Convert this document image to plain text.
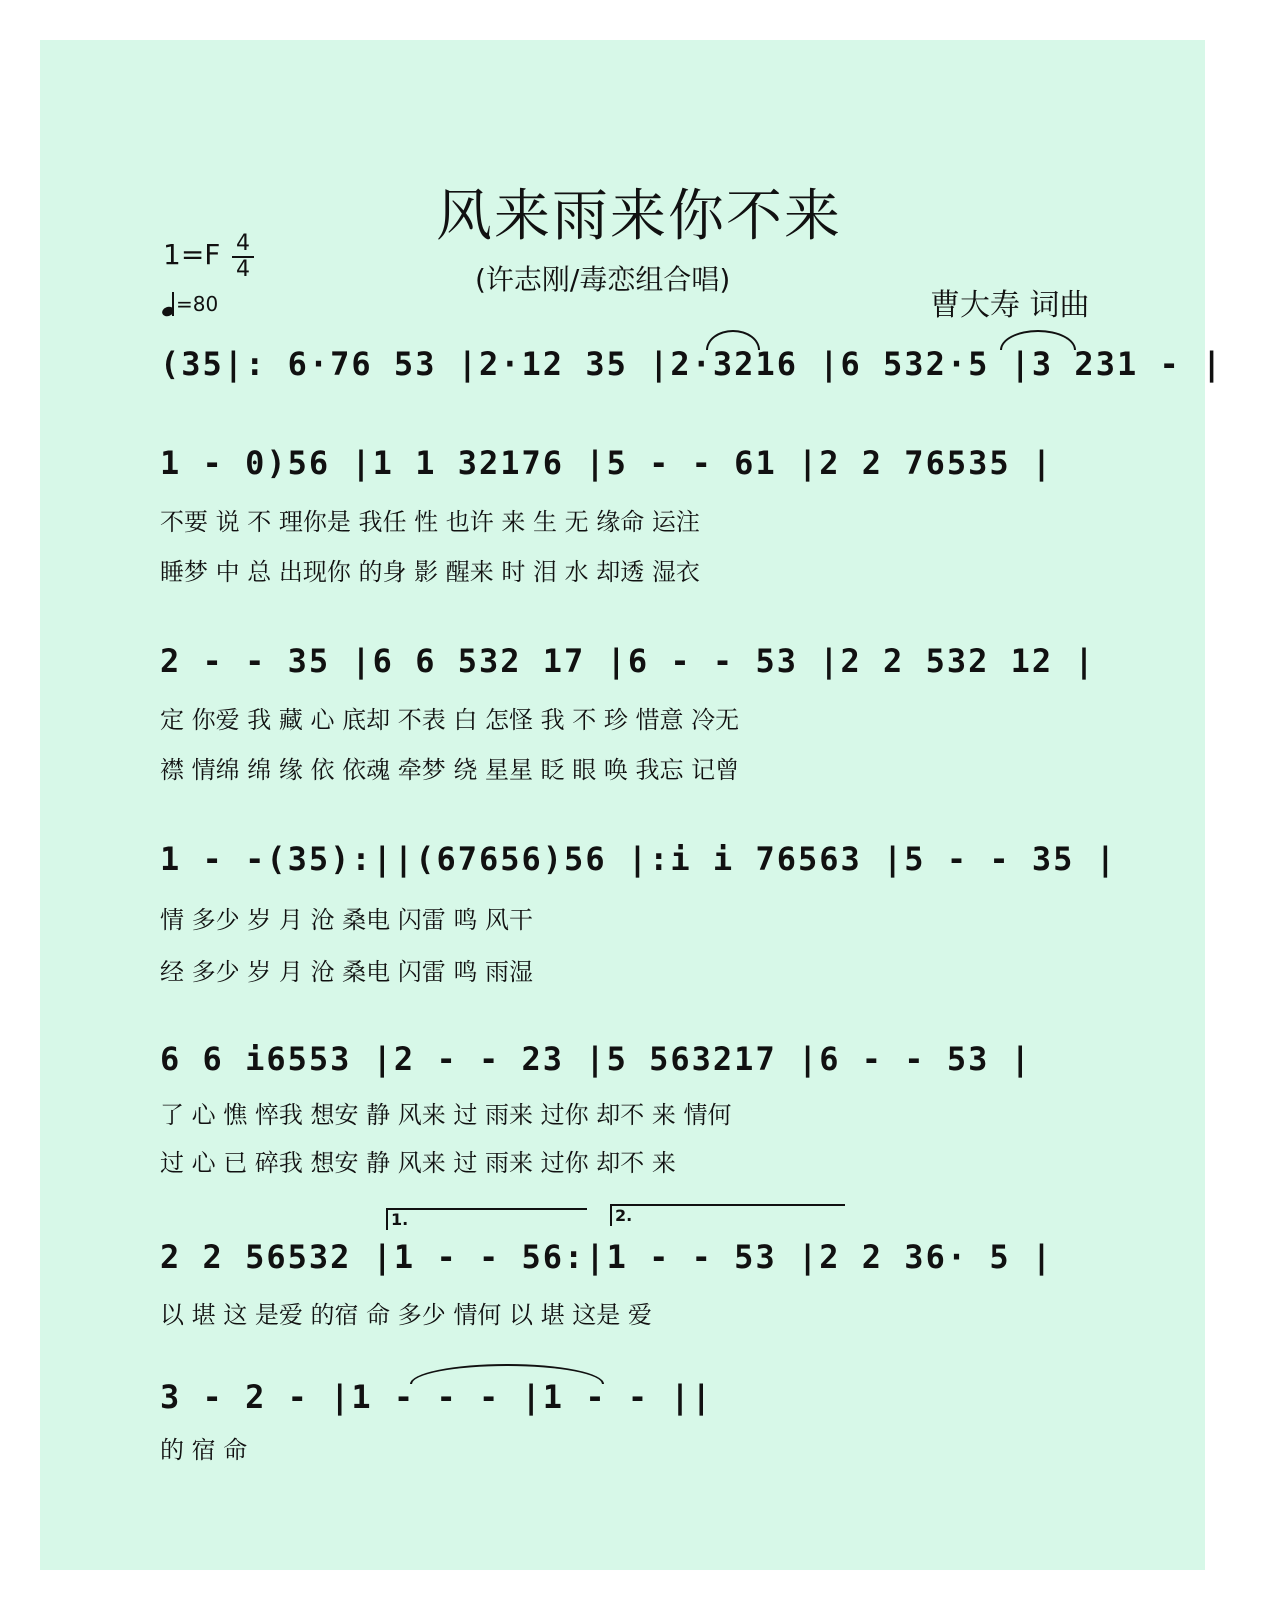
风来雨来你不来
(许志刚/毒恋组合唱)
曹大寿 词曲
1=F 4
4
=80
(35|: 6·76 53 |2·12 35 |2·3216 |6 532·5 |3 231 - |
1 - 0)56 |1 1 32176 |5 - - 61 |2 2 76535 |
不要 说 不 理你是 我任 性 也许 来 生 无 缘命 运注
睡梦 中 总 出现你 的身 影 醒来 时 泪 水 却透 湿衣
2 - - 35 |6 6 532 17 |6 - - 53 |2 2 532 12 |
定 你爱 我 藏 心 底却 不表 白 怎怪 我 不 珍 惜意 冷无
襟 情绵 绵 缘 依 依魂 牵梦 绕 星星 眨 眼 唤 我忘 记曾
1 - -(35):||(67656)56 |:i i 76563 |5 - - 35 |
情 多少 岁 月 沧 桑电 闪雷 鸣 风干
经 多少 岁 月 沧 桑电 闪雷 鸣 雨湿
6 6 i6553 |2 - - 23 |5 563217 |6 - - 53 |
了 心 憔 悴我 想安 静 风来 过 雨来 过你 却不 来 情何
过 心 已 碎我 想安 静 风来 过 雨来 过你 却不 来
1.	2.
2 2 56532 |1 - - 56:|1 - - 53 |2 2 36· 5 |
以 堪 这 是爱 的宿 命 多少 情何 以 堪 这是 爱
3 - 2 - |1 - - - |1 - - ||
的 宿 命
